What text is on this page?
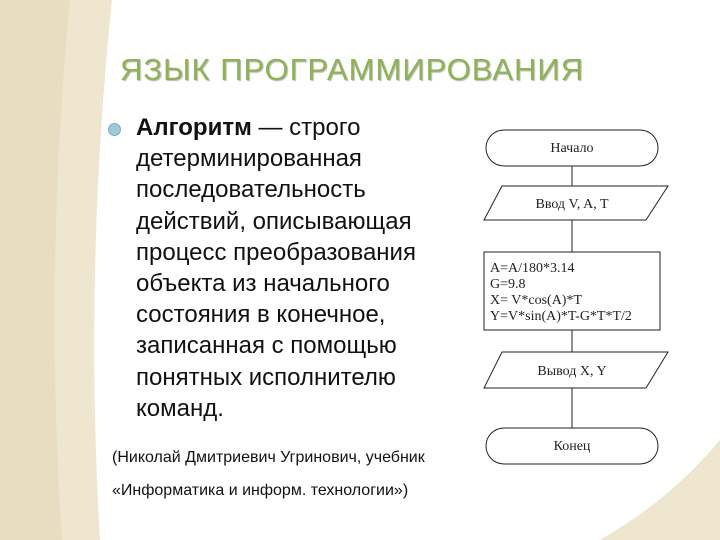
ЯЗЫК ПРОГРАММИРОВАНИЯ
Алгоритм — строго
детерминированная
последовательность
действий, описывающая
процесс преобразования
объекта из начального
состояния в конечное,
записанная с помощью
понятных исполнителю
команд.
(Николай Дмитриевич Угринович, учебник
«Информатика и информ. технологии»)
Начало
Ввод V, A, T
A=A/180*3.14
G=9.8
X= V*cos(A)*T
Y=V*sin(A)*T-G*T*T/2
Вывод X, Y
Конец
